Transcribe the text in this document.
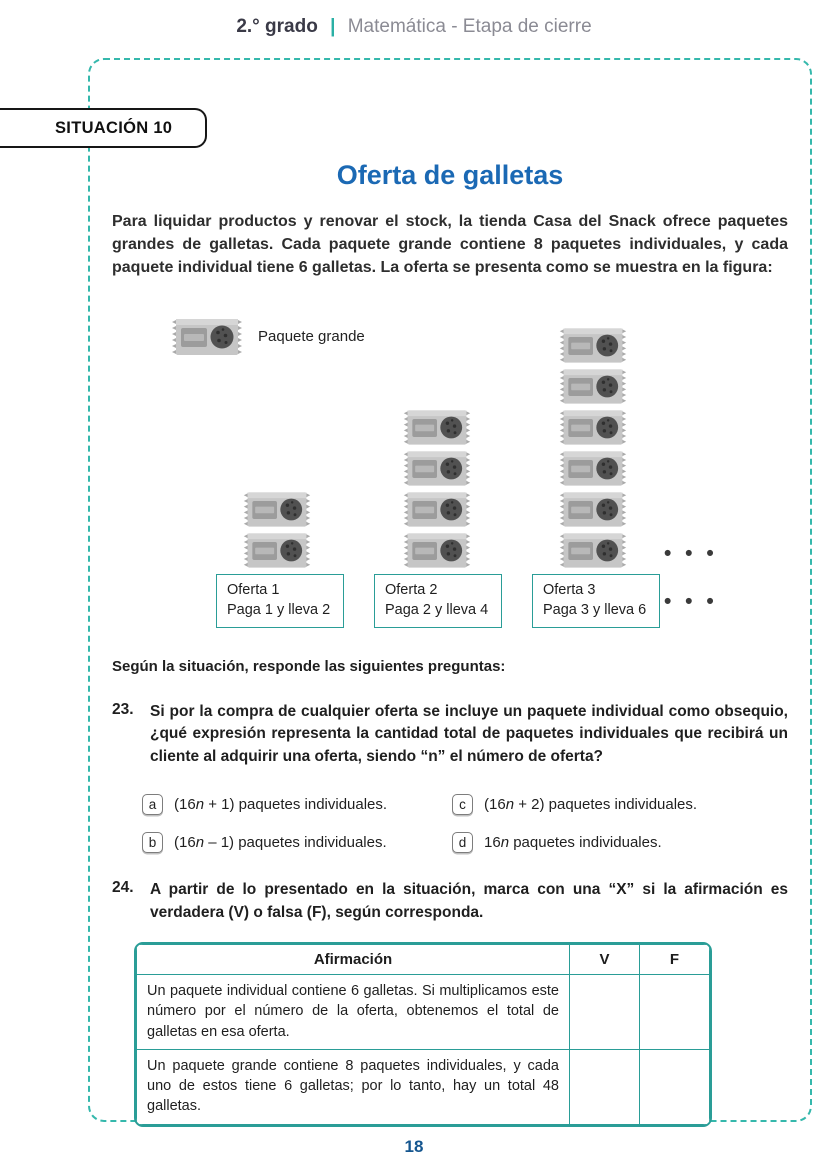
2.° grado | Matemática - Etapa de cierre
SITUACIÓN 10
Oferta de galletas

Para liquidar productos y renovar el stock, la tienda Casa del Snack ofrece paquetes grandes de galletas. Cada paquete grande contiene 8 paquetes individuales, y cada paquete individual tiene 6 galletas. La oferta se presenta como se muestra en la figura:

Paquete grande
Oferta 1
Paga 1 y lleva 2
Oferta 2
Paga 2 y lleva 4
Oferta 3
Paga 3 y lleva 6
• • •
• • •

Según la situación, responde las siguientes preguntas:

23.	Si por la compra de cualquier oferta se incluye un paquete individual como obsequio, ¿qué expresión representa la cantidad total de paquetes individuales que recibirá un cliente al adquirir una oferta, siendo “n” el número de oferta?
a	(16n + 1) paquetes individuales.
b	(16n – 1) paquetes individuales.
c	(16n + 2) paquetes individuales.
d	16n paquetes individuales.
24.	A partir de lo presentado en la situación, marca con una “X” si la afirmación es verdadera (V) o falsa (F), según corresponda.
Afirmación	V	F
Un paquete individual contiene 6 galletas. Si multiplicamos este número por el número de la oferta, obtenemos el total de galletas en esa oferta.		
Un paquete grande contiene 8 paquetes individuales, y cada uno de estos tiene 6 galletas; por lo tanto, hay un total 48 galletas.		
18
